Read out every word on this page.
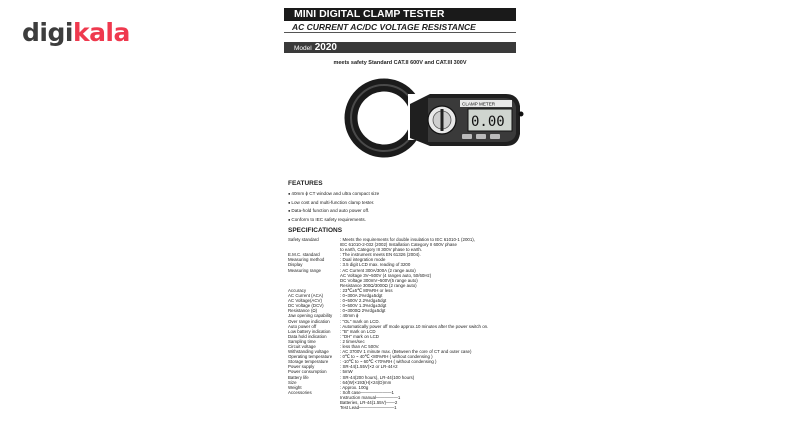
digikala
MINI DIGITAL CLAMP TESTER
AC CURRENT AC/DC VOLTAGE RESISTANCE
Model 2020
meets safety Standard CAT.II 600V and CAT.III 300V
CLAMP METER
0.00
FEATURES
● 40mm ϕ CT window and ultra compact size
● Low cost and multi-function clamp tester.
● Data-hold function and auto power off.
● Conform to IEC safety requirements.
SPECIFICATIONS
Safety standard	: Meets the requirements for double insulation to IEC 61010-1 (2001),
IEC 61010-2-032 (2002) Installation Category II 600V phase
to earth, Category III 300V phase to earth.
E.M.C. standard	: The instrument meets EN 61326 (2004).
Measuring method	: Dual integration mode
Display	: 3.5 digit LCD max. reading of 3200
Measuring range	: AC Current 300A/300A (2 range auto)
AC Voltage 3V~500V (4 ranges auto, 50/60Hz)
DC Voltage 300mV~500V(5 range auto)
Resistance 300Ω/3000Ω (2 range auto)
Accuracy	: 23℃±5℃ 80%RH or less
AC Current (ACA)	: 0~300A 2%rdg±5dgt
AC Voltage(ACV)	: 0~500V 2.2%rdg±5dgt
DC Voltage (DCV)	: 0~500V 1.3%rdg±3dgt
Resistance (Ω)	: 0~3000Ω 2%rdg±5dgt
Jaw opening capability	: 40mm ϕ
Over range indication	: "OL" mark on LCD.
Auto power off	: Automatically power off mode approx.10 minutes after the power switch on.
Low battery indication	: "B" mark on LCD
Data hold indication	: "DH" mark on LCD
Sampling time	: 2 times/sec
Circuit voltage	: less than AC 500V.
Withstanding voltage	: AC 3700V 1 minute max. (Between the core of CT and outer case)
Operating temperature	: 0℃ to ~ 40℃ <80%RH ( without condensing )
Storage temperature	: -10℃ to ~ 60℃ <70%RH ( without condensing )
Power supply	: SR-44(1.55V)×2 or LR-44×2
Power consumption	: 5mW
Battery life	: SR-44(200 hours), LR-44(100 hours)
Size	: 64(W)×193(H)×24(D)mm
Weight	: Approx. 100g
Accessories	: Soft case———————1
Instruction manual—————1
Batteries, LR-44(1.55V)——2
Test Lead————————1
